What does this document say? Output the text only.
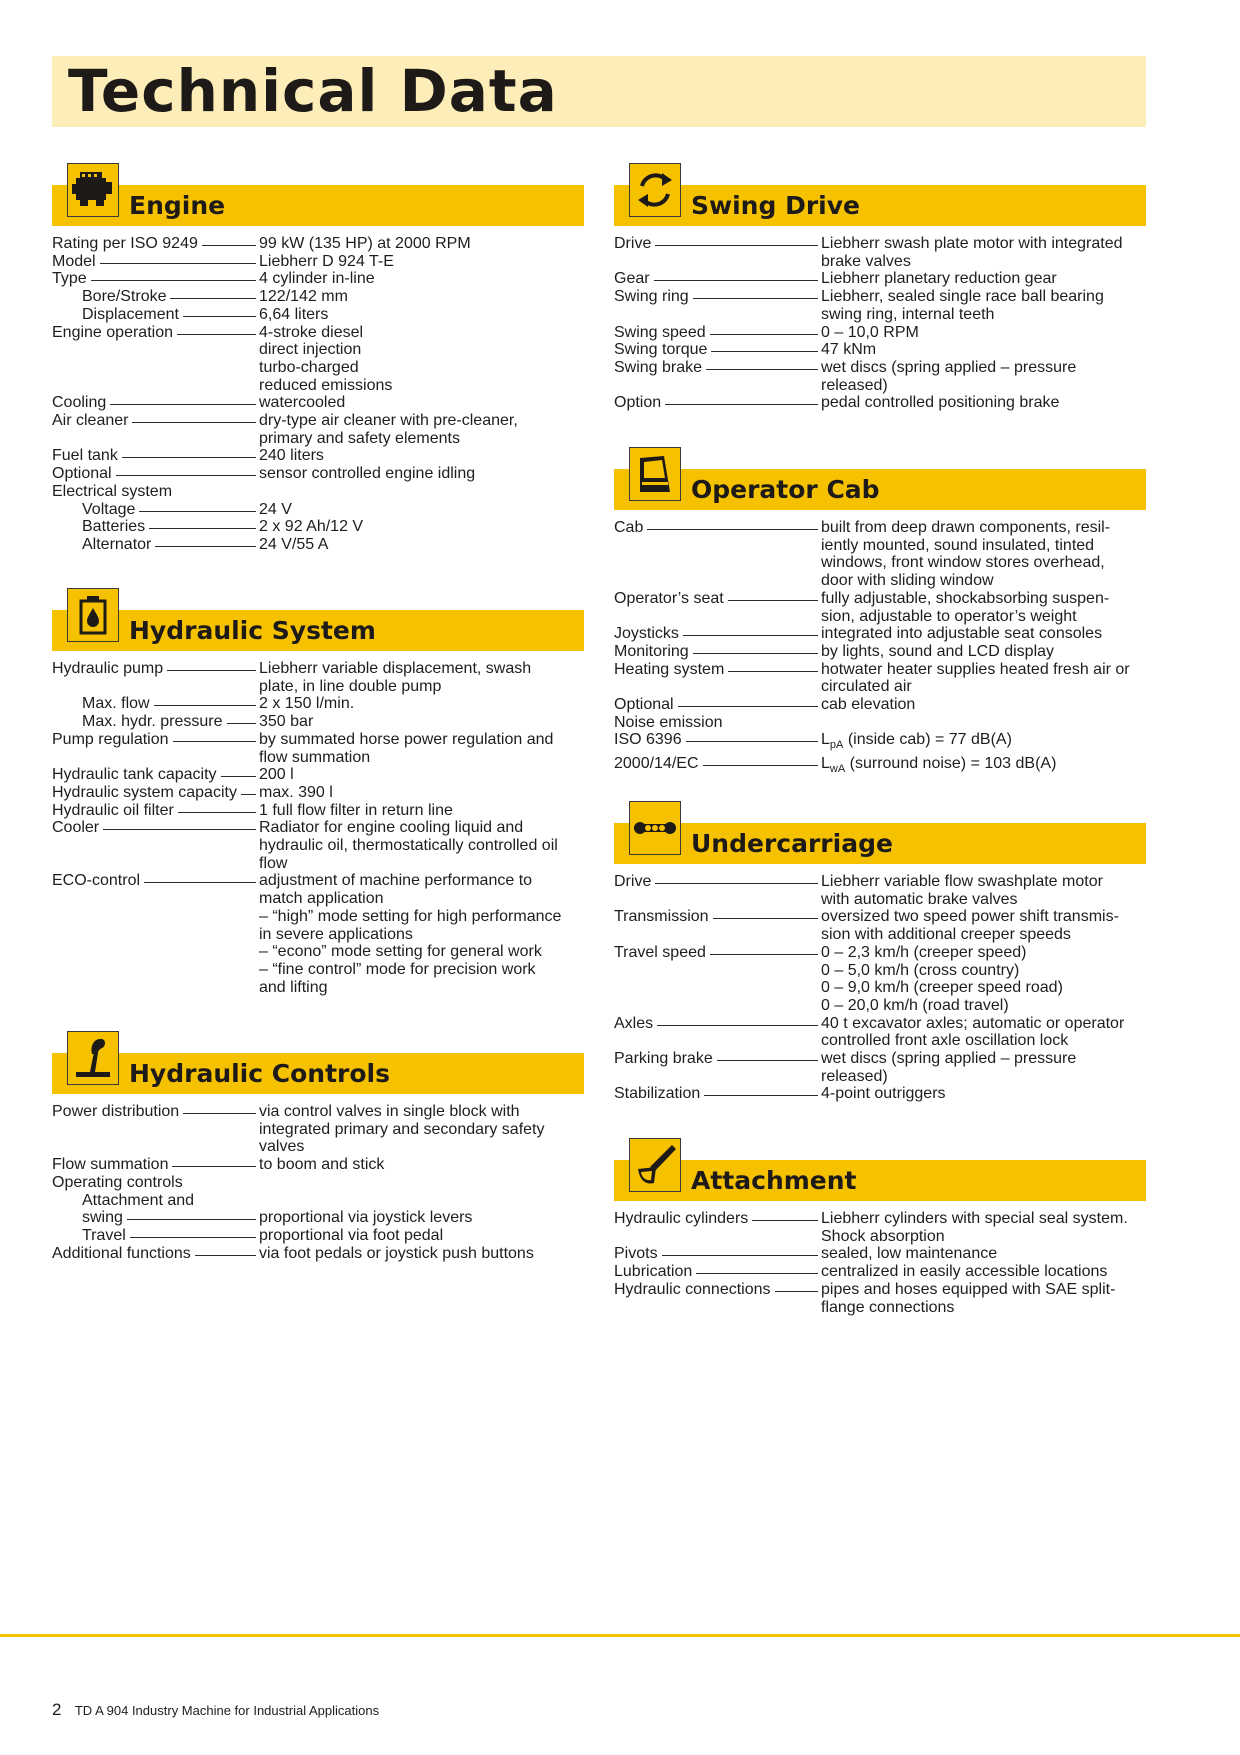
Technical Data
Engine
Rating per ISO 9249	99 kW (135 HP) at 2000 RPM
Model	Liebherr D 924 T-E
Type	4 cylinder in-line
Bore/Stroke	122/142 mm
Displacement	6,64 liters
Engine operation	4-stroke diesel
direct injection
turbo-charged
reduced emissions
Cooling	watercooled
Air cleaner	dry-type air cleaner with pre-cleaner,
primary and safety elements
Fuel tank	240 liters
Optional	sensor controlled engine idling
Electrical system
Voltage	24 V
Batteries	2 x 92 Ah/12 V
Alternator	24 V/55 A
Hydraulic System
Hydraulic pump	Liebherr variable displacement, swash
plate, in line double pump
Max. flow	2 x 150 l/min.
Max. hydr. pressure 350 bar
Pump regulation	by summated horse power regulation and
flow summation
Hydraulic tank capacity	200 l
Hydraulic system capacity max. 390 l
Hydraulic oil filter	1 full flow filter in return line
Cooler	Radiator for engine cooling liquid and
hydraulic oil, thermostatically controlled oil
flow
ECO-control	adjustment of machine performance to
match application
– “high” mode setting for high performance
in severe applications
– “econo” mode setting for general work
– “fine control” mode for precision work
and lifting
Hydraulic Controls
Power distribution	via control valves in single block with
integrated primary and secondary safety
valves
Flow summation	to boom and stick
Operating controls
Attachment and
swing	proportional via joystick levers
Travel	proportional via foot pedal
Additional functions	via foot pedals or joystick push buttons
Swing Drive
Drive	Liebherr swash plate motor with integrated
brake valves
Gear	Liebherr planetary reduction gear
Swing ring	Liebherr, sealed single race ball bearing
swing ring, internal teeth
Swing speed	0 – 10,0 RPM
Swing torque	47 kNm
Swing brake	wet discs (spring applied – pressure
released)
Option	pedal controlled positioning brake
Operator Cab
Cab	built from deep drawn components, resil-
iently mounted, sound insulated, tinted
windows, front window stores overhead,
door with sliding window
Operator’s seat	fully adjustable, shockabsorbing suspen-
sion, adjustable to operator’s weight
Joysticks	integrated into adjustable seat consoles
Monitoring	by lights, sound and LCD display
Heating system	hotwater heater supplies heated fresh air or
circulated air
Optional	cab elevation
Noise emission
ISO 6396	$L_{pA}$ (inside cab) = 77 dB(A)
2000/14/EC	$L_{wA}$ (surround noise) = 103 dB(A)
Undercarriage
Drive	Liebherr variable flow swashplate motor
with automatic brake valves
Transmission	oversized two speed power shift transmis-
sion with additional creeper speeds
Travel speed	0 – 2,3 km/h (creeper speed)
0 – 5,0 km/h (cross country)
0 – 9,0 km/h (creeper speed road)
0 – 20,0 km/h (road travel)
Axles	40 t excavator axles; automatic or operator
controlled front axle oscillation lock
Parking brake	wet discs (spring applied – pressure
released)
Stabilization	4-point outriggers
Attachment
Hydraulic cylinders	Liebherr cylinders with special seal system.
Shock absorption
Pivots	sealed, low maintenance
Lubrication	centralized in easily accessible locations
Hydraulic connections	pipes and hoses equipped with SAE split-
flange connections
2 TD A 904 Industry Machine for Industrial Applications
